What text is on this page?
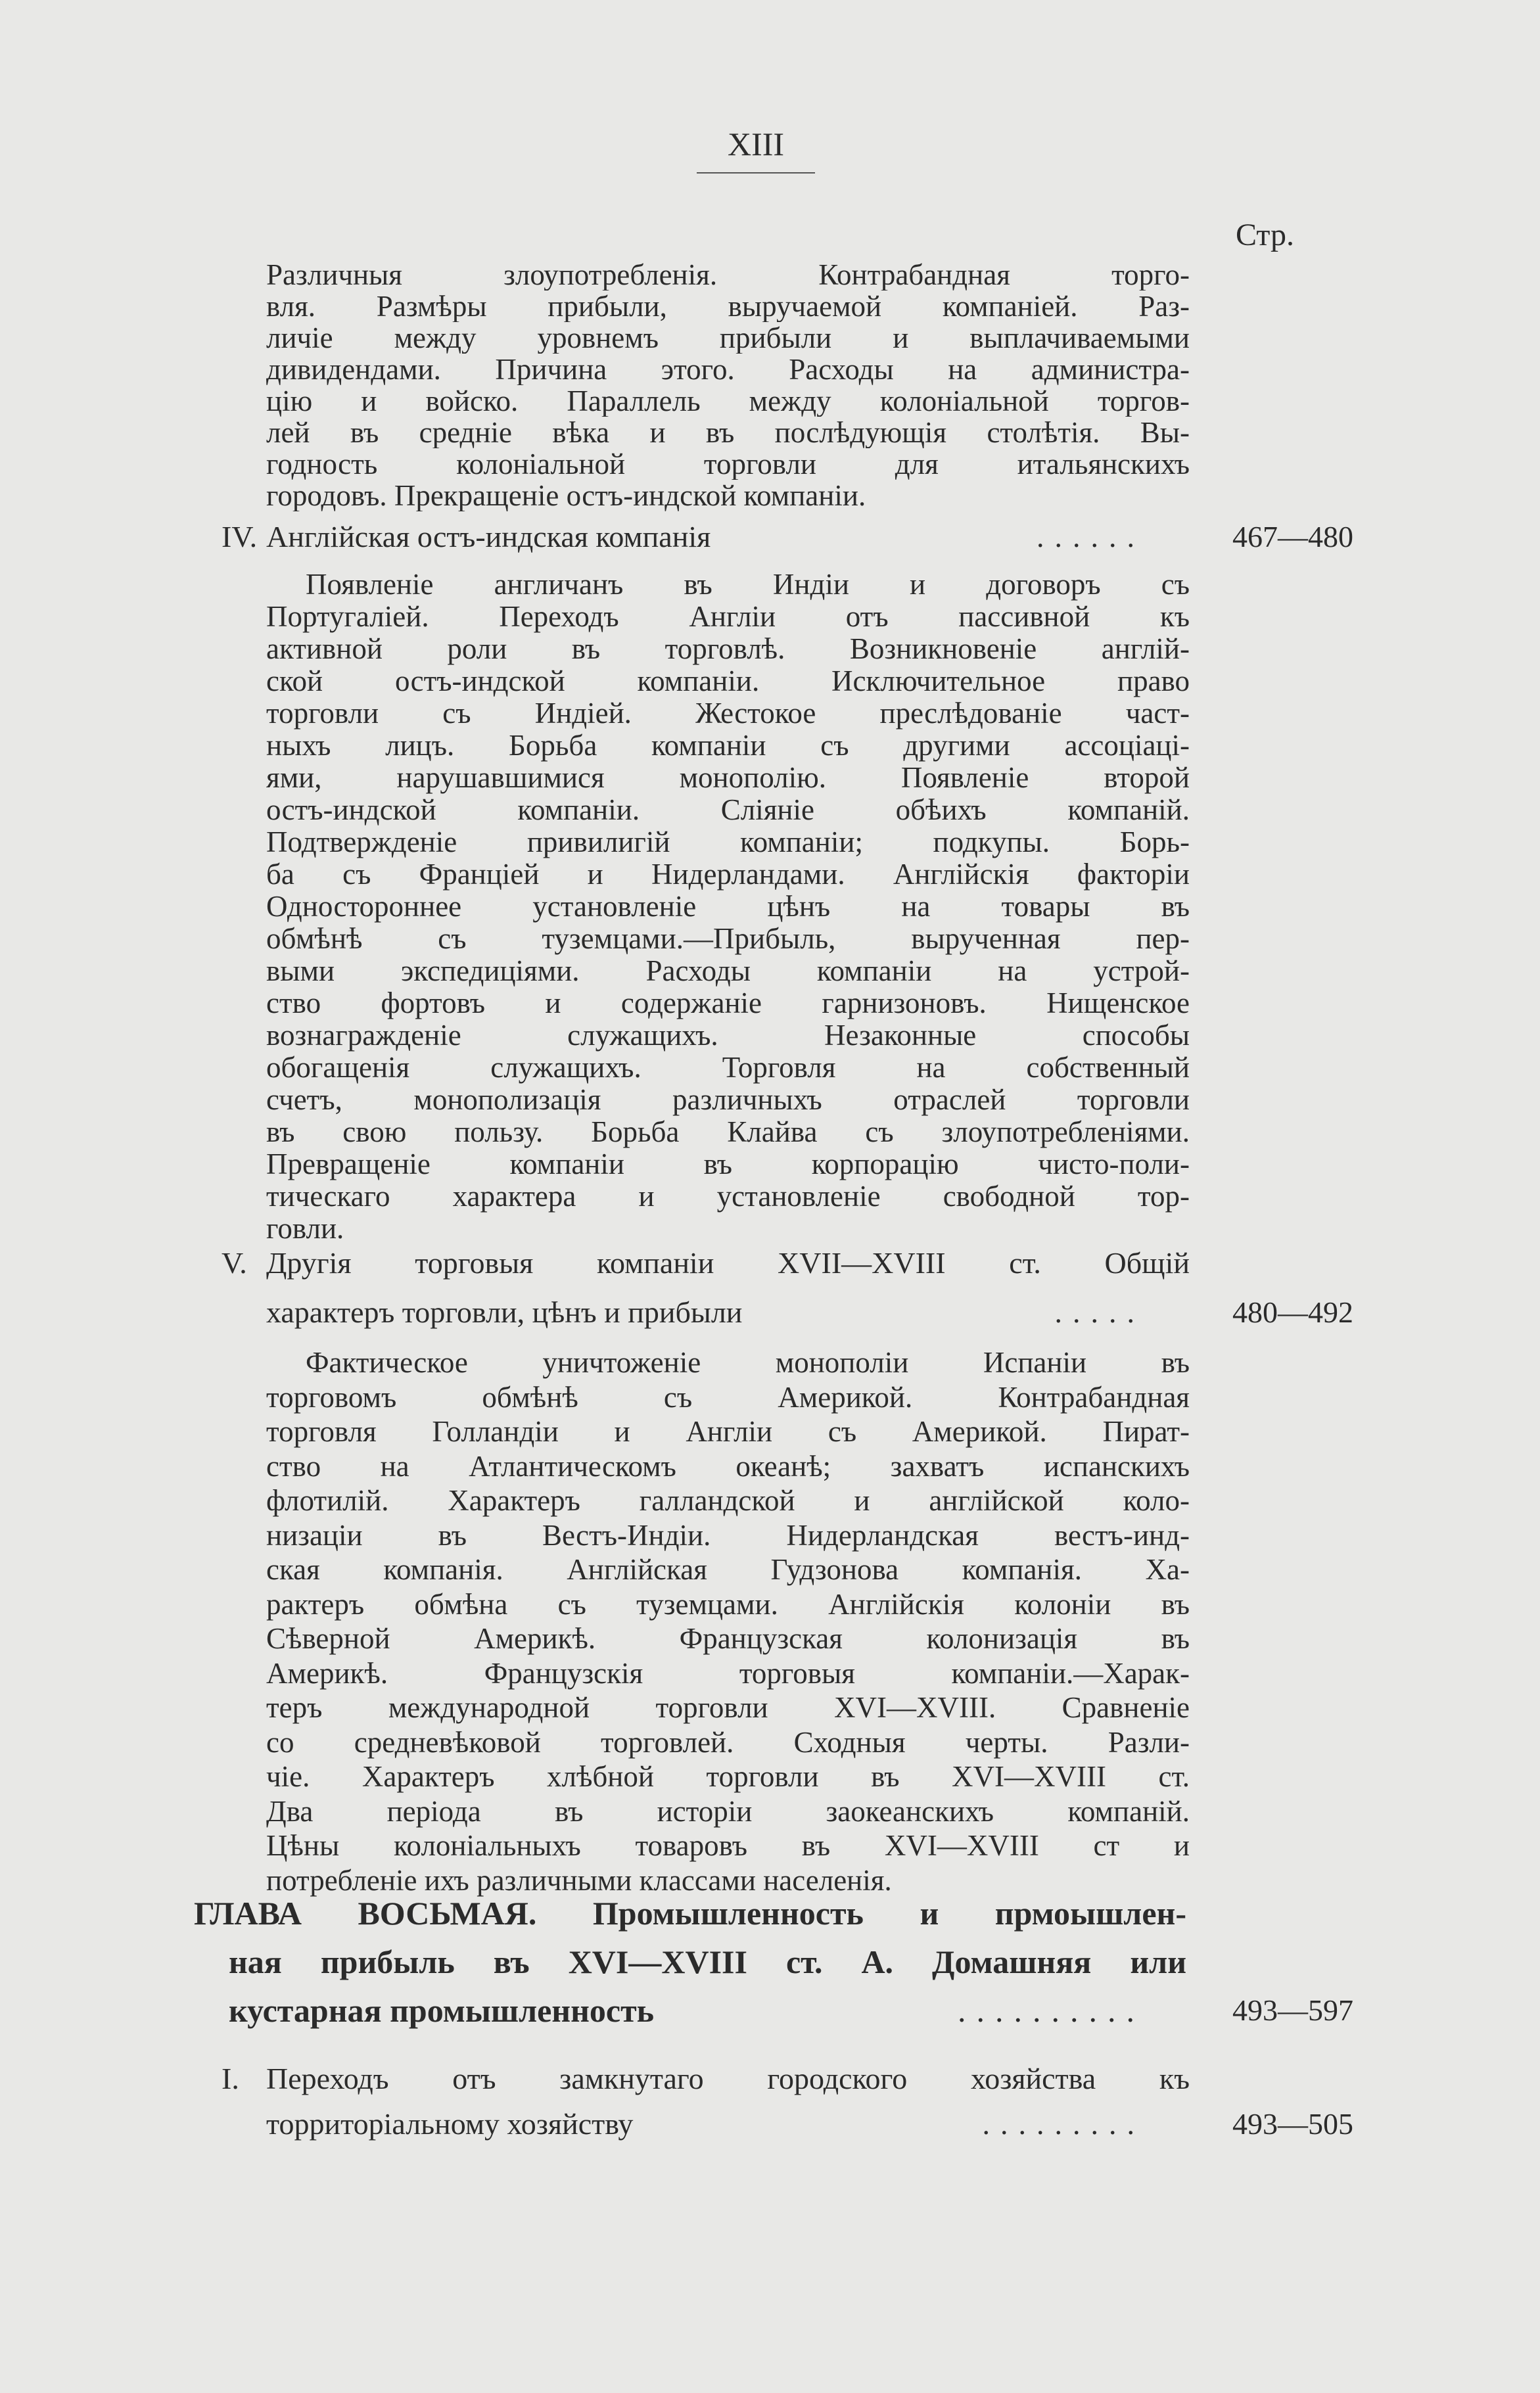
XIII
Стр.
Различныя злоупотребленія. Контрабандная торго-
вля. Размѣры прибыли, выручаемой компаніей. Раз-
личіе между уровнемъ прибыли и выплачиваемыми
дивидендами. Причина этого. Расходы на администра-
цію и войско. Параллель между колоніальной торгов-
лей въ средніе вѣка и въ послѣдующія столѣтія. Вы-
годность колоніальной торговли для итальянскихъ
городовъ. Прекращеніе остъ-индской компаніи.
IV. Англійская остъ-индская компанія	......	467—480
Появленіе англичанъ въ Индіи и договоръ съ
Португаліей. Переходъ Англіи отъ пассивной къ
активной роли въ торговлѣ. Возникновеніе англій-
ской остъ-индской компаніи. Исключительное право
торговли съ Индіей. Жестокое преслѣдованіе част-
ныхъ лицъ. Борьба компаніи съ другими ассоціаці-
ями, нарушавшимися монополію. Появленіе второй
остъ-индской компаніи. Сліяніе обѣихъ компаній.
Подтвержденіе привилигій компаніи; подкупы. Борь-
ба съ Франціей и Нидерландами. Англійскія факторіи
Одностороннее установленіе цѣнъ на товары въ
обмѣнѣ съ туземцами.—Прибыль, вырученная пер-
выми экспедиціями. Расходы компаніи на устрой-
ство фортовъ и содержаніе гарнизоновъ. Нищенское
вознагражденіе служащихъ. Незаконные способы
обогащенія служащихъ. Торговля на собственный
счетъ, монополизація различныхъ отраслей торговли
въ свою пользу. Борьба Клайва съ злоупотребленіями.
Превращеніе компаніи въ корпорацію чисто-поли-
тическаго характера и установленіе свободной тор-
говли.
V. Другія торговыя компаніи XVII—XVIII ст. Общій
характеръ торговли, цѣнъ и прибыли	.....	480—492
Фактическое уничтоженіе монополіи Испаніи въ
торговомъ обмѣнѣ съ Америкой. Контрабандная
торговля Голландіи и Англіи съ Америкой. Пират-
ство на Атлантическомъ океанѣ; захватъ испанскихъ
флотилій. Характеръ галландской и англійской коло-
низаціи въ Вестъ-Индіи. Нидерландская вестъ-инд-
ская компанія. Англійская Гудзонова компанія. Ха-
рактеръ обмѣна съ туземцами. Англійскія колоніи въ
Сѣверной Америкѣ. Французская колонизація въ
Америкѣ. Французскія торговыя компаніи.—Харак-
теръ международной торговли XVI—XVIII. Сравненіе
со средневѣковой торговлей. Сходныя черты. Разли-
чіе. Характеръ хлѣбной торговли въ XVI—XVIII ст.
Два періода въ исторіи заокеанскихъ компаній.
Цѣны колоніальныхъ товаровъ въ XVI—XVIII ст и
потребленіе ихъ различными классами населенія.
ГЛАВА ВОСЬМАЯ. Промышленность и прмоышлен-
ная прибыль въ XVI—XVIII ст. А. Домашняя или
кустарная промышленность	..........	493—597
I. Переходъ отъ замкнутаго городского хозяйства къ
торриторіальному хозяйству	.........	493—505
